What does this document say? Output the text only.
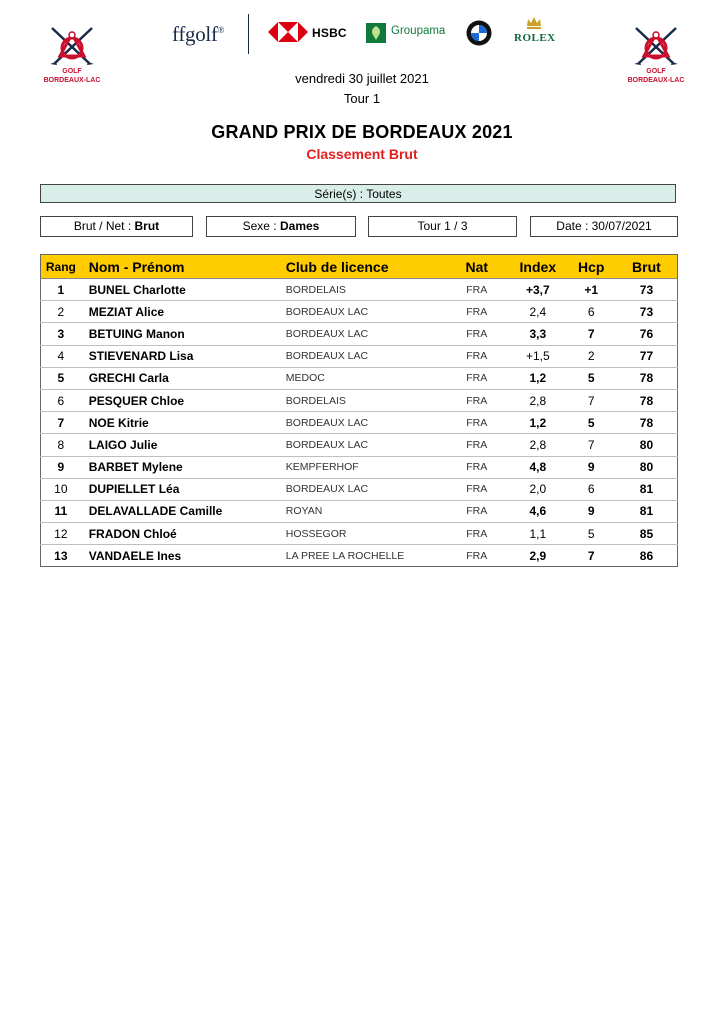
GOLF
BORDEAUX-LAC
GOLF
BORDEAUX-LAC
ffgolf®	HSBC	Groupama
ROLEX
vendredi 30 juillet 2021
Tour 1
GRAND PRIX DE BORDEAUX 2021
Classement Brut
Série(s) : Toutes
Brut / Net : Brut	Sexe : Dames	Tour 1 / 3	Date : 30/07/2021
Rang	Nom - Prénom	Club de licence	Nat	Index	Hcp	Brut
1	BUNEL Charlotte	BORDELAIS	FRA	+3,7	+1	73
2	MEZIAT Alice	BORDEAUX LAC	FRA	2,4	6	73
3	BETUING Manon	BORDEAUX LAC	FRA	3,3	7	76
4	STIEVENARD Lisa	BORDEAUX LAC	FRA	+1,5	2	77
5	GRECHI Carla	MEDOC	FRA	1,2	5	78
6	PESQUER Chloe	BORDELAIS	FRA	2,8	7	78
7	NOE Kitrie	BORDEAUX LAC	FRA	1,2	5	78
8	LAIGO Julie	BORDEAUX LAC	FRA	2,8	7	80
9	BARBET Mylene	KEMPFERHOF	FRA	4,8	9	80
10	DUPIELLET Léa	BORDEAUX LAC	FRA	2,0	6	81
11	DELAVALLADE Camille	ROYAN	FRA	4,6	9	81
12	FRADON Chloé	HOSSEGOR	FRA	1,1	5	85
13	VANDAELE Ines	LA PREE LA ROCHELLE	FRA	2,9	7	86
